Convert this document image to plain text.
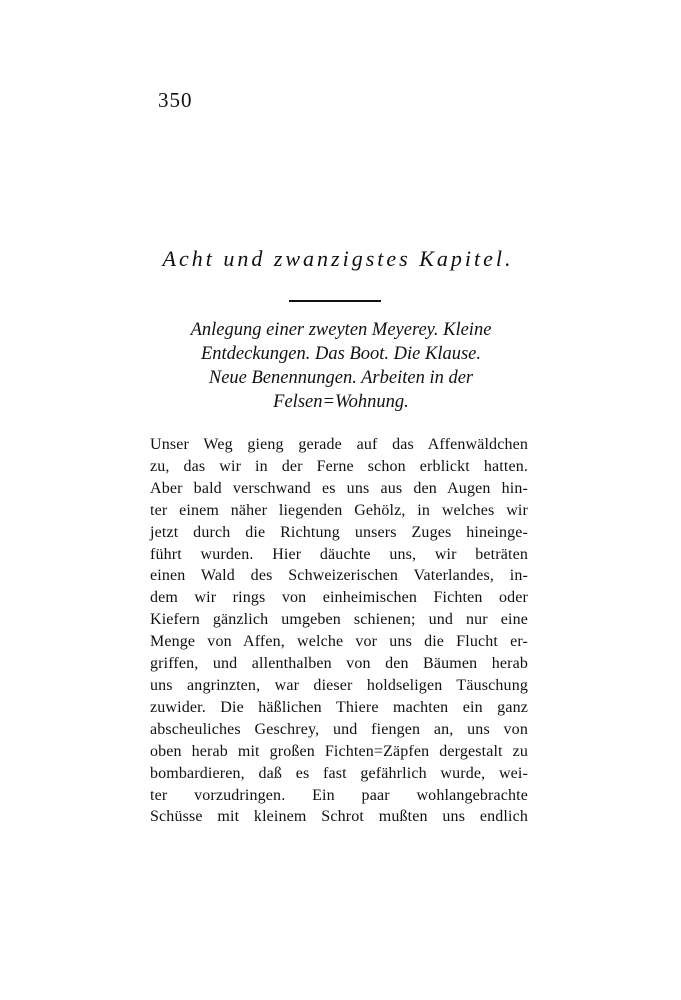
350
Acht und zwanzigstes Kapitel.
Anlegung einer zweyten Meyerey. Kleine
Entdeckungen. Das Boot. Die Klause.
Neue Benennungen. Arbeiten in der
Felsen=Wohnung.
Unser Weg gieng gerade auf das Affenwäldchen
zu, das wir in der Ferne schon erblickt hatten.
Aber bald verschwand es uns aus den Augen hin-
ter einem näher liegenden Gehölz, in welches wir
jetzt durch die Richtung unsers Zuges hineinge-
führt wurden. Hier däuchte uns, wir beträten
einen Wald des Schweizerischen Vaterlandes, in-
dem wir rings von einheimischen Fichten oder
Kiefern gänzlich umgeben schienen; und nur eine
Menge von Affen, welche vor uns die Flucht er-
griffen, und allenthalben von den Bäumen herab
uns angrinzten, war dieser holdseligen Täuschung
zuwider. Die häßlichen Thiere machten ein ganz
abscheuliches Geschrey, und fiengen an, uns von
oben herab mit großen Fichten=Zäpfen dergestalt zu
bombardieren, daß es fast gefährlich wurde, wei-
ter vorzudringen. Ein paar wohlangebrachte
Schüsse mit kleinem Schrot mußten uns endlich
